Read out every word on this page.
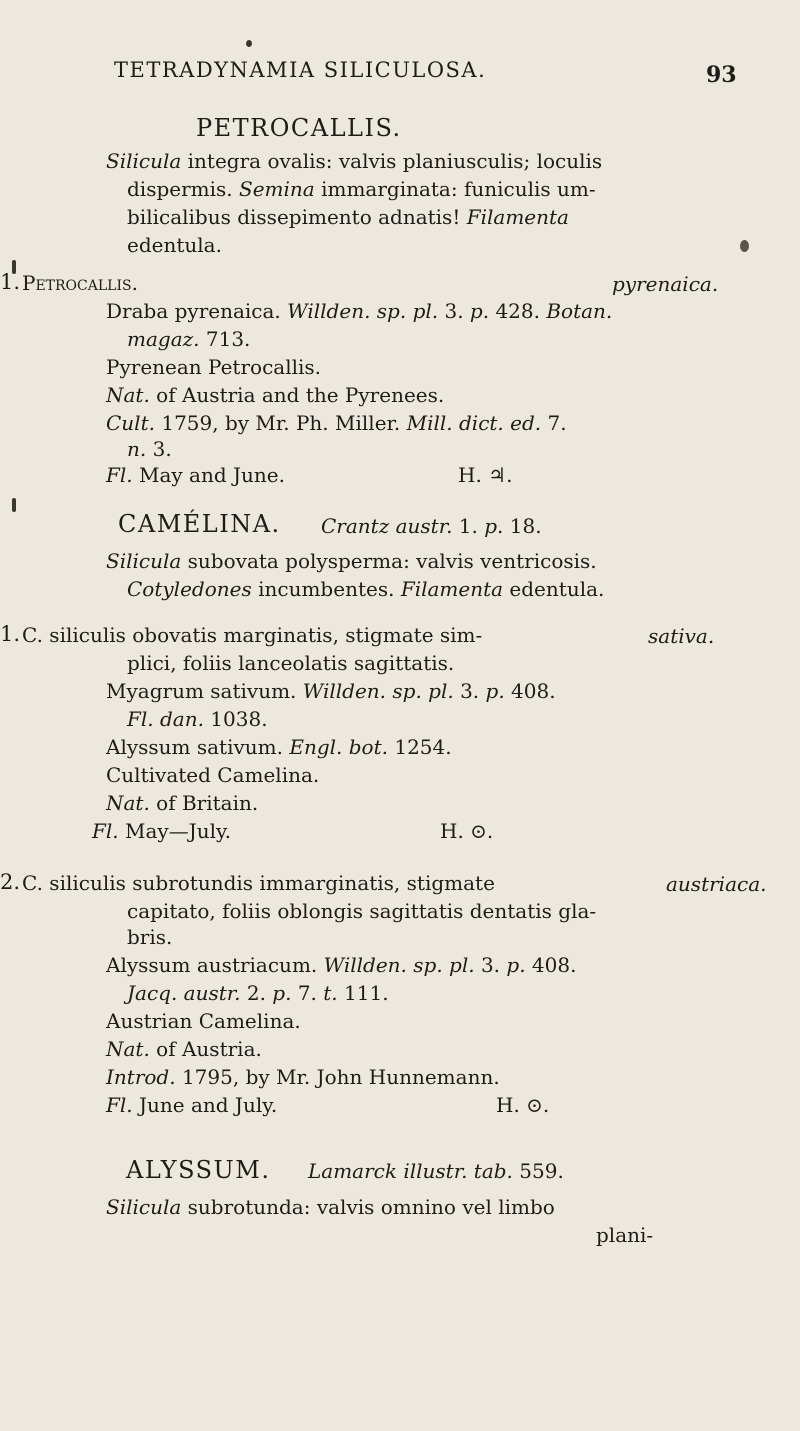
TETRADYNAMIA SILICULOSA.	93
PETROCALLIS.
Silicula integra ovalis: valvis planiusculis; loculis
dispermis. Semina immarginata: funiculis um-
bilicalibus dissepimento adnatis! Filamenta
edentula.
1. Petrocallis.	pyrenaica.
Draba pyrenaica. Willden. sp. pl. 3. p. 428. Botan.
magaz. 713.
Pyrenean Petrocallis.
Nat. of Austria and the Pyrenees.
Cult. 1759, by Mr. Ph. Miller. Mill. dict. ed. 7.
n. 3.
Fl. May and June.	H. ♃.
CAMÉLINA. Crantz austr. 1. p. 18.
Silicula subovata polysperma: valvis ventricosis.
Cotyledones incumbentes. Filamenta edentula.
1. C. siliculis obovatis marginatis, stigmate sim-	sativa.
plici, foliis lanceolatis sagittatis.
Myagrum sativum. Willden. sp. pl. 3. p. 408.
Fl. dan. 1038.
Alyssum sativum. Engl. bot. 1254.
Cultivated Camelina.
Nat. of Britain.
Fl. May—July.	H. ⊙.
2. C. siliculis subrotundis immarginatis, stigmate	austriaca.
capitato, foliis oblongis sagittatis dentatis gla-
bris.
Alyssum austriacum. Willden. sp. pl. 3. p. 408.
Jacq. austr. 2. p. 7. t. 111.
Austrian Camelina.
Nat. of Austria.
Introd. 1795, by Mr. John Hunnemann.
Fl. June and July.	H. ⊙.
ALYSSUM. Lamarck illustr. tab. 559.
Silicula subrotunda: valvis omnino vel limbo
plani-
